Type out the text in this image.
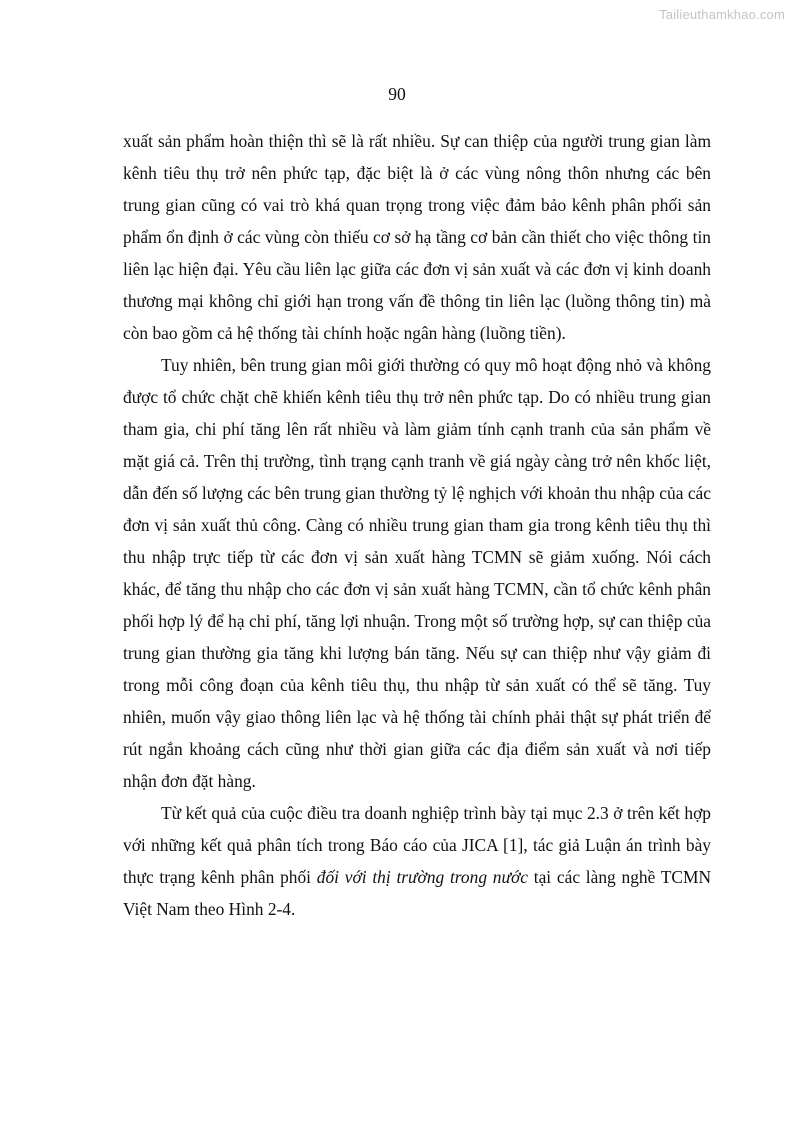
Tailieuthamkhao.com
90

xuất sản phẩm hoàn thiện thì sẽ là rất nhiều. Sự can thiệp của người trung gian làm kênh tiêu thụ trở nên phức tạp, đặc biệt là ở các vùng nông thôn nhưng các bên trung gian cũng có vai trò khá quan trọng trong việc đảm bảo kênh phân phối sản phẩm ổn định ở các vùng còn thiếu cơ sở hạ tầng cơ bản cần thiết cho việc thông tin liên lạc hiện đại. Yêu cầu liên lạc giữa các đơn vị sản xuất và các đơn vị kinh doanh thương mại không chỉ giới hạn trong vấn đề thông tin liên lạc (luồng thông tin) mà còn bao gồm cả hệ thống tài chính hoặc ngân hàng (luồng tiền).

Tuy nhiên, bên trung gian môi giới thường có quy mô hoạt động nhỏ và không được tổ chức chặt chẽ khiến kênh tiêu thụ trở nên phức tạp. Do có nhiều trung gian tham gia, chi phí tăng lên rất nhiều và làm giảm tính cạnh tranh của sản phẩm về mặt giá cả. Trên thị trường, tình trạng cạnh tranh về giá ngày càng trở nên khốc liệt, dẫn đến số lượng các bên trung gian thường tỷ lệ nghịch với khoản thu nhập của các đơn vị sản xuất thủ công. Càng có nhiều trung gian tham gia trong kênh tiêu thụ thì thu nhập trực tiếp từ các đơn vị sản xuất hàng TCMN sẽ giảm xuống. Nói cách khác, để tăng thu nhập cho các đơn vị sản xuất hàng TCMN, cần tổ chức kênh phân phối hợp lý để hạ chi phí, tăng lợi nhuận. Trong một số trường hợp, sự can thiệp của trung gian thường gia tăng khi lượng bán tăng. Nếu sự can thiệp như vậy giảm đi trong mỗi công đoạn của kênh tiêu thụ, thu nhập từ sản xuất có thể sẽ tăng. Tuy nhiên, muốn vậy giao thông liên lạc và hệ thống tài chính phải thật sự phát triển để rút ngắn khoảng cách cũng như thời gian giữa các địa điểm sản xuất và nơi tiếp nhận đơn đặt hàng.

Từ kết quả của cuộc điều tra doanh nghiệp trình bày tại mục 2.3 ở trên kết hợp với những kết quả phân tích trong Báo cáo của JICA [1], tác giả Luận án trình bày thực trạng kênh phân phối đối với thị trường trong nước tại các làng nghề TCMN Việt Nam theo Hình 2-4.
